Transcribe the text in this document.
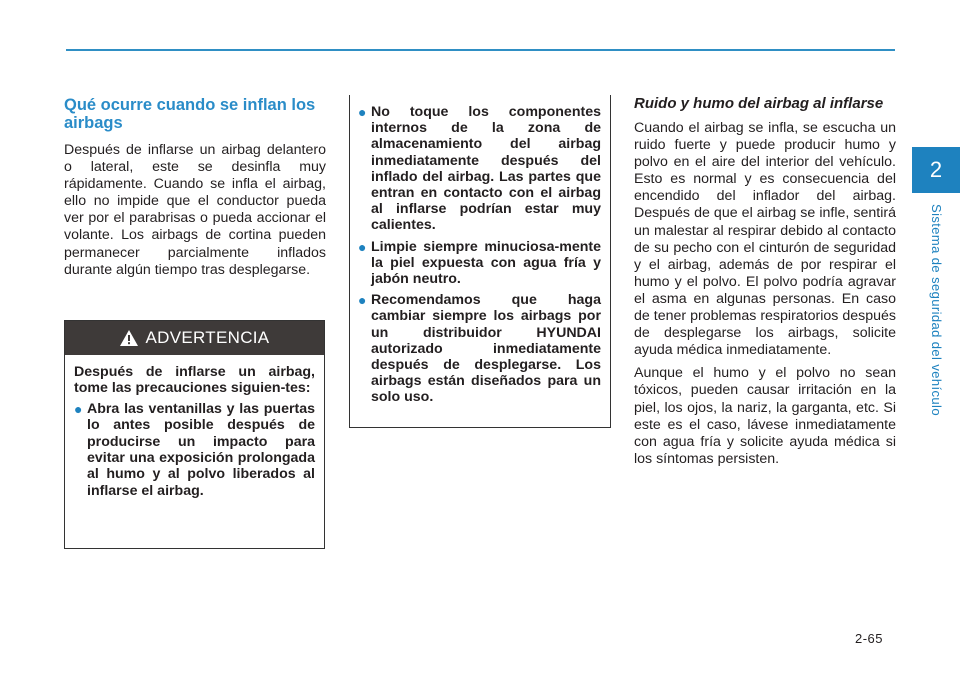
2
Sistema de seguridad del vehículo
Qué ocurre cuando se inflan los airbags

Después de inflarse un airbag delantero o lateral, este se desinfla muy rápidamente. Cuando se infla el airbag, ello no impide que el conductor pueda ver por el parabrisas o pueda accionar el volante. Los airbags de cortina pueden permanecer parcialmente inflados durante algún tiempo tras desplegarse.

ADVERTENCIA

Después de inflarse un airbag, tome las precauciones siguien-tes:

● Abra las ventanillas y las puertas lo antes posible después de producirse un impacto para evitar una exposición prolongada al humo y al polvo liberados al inflarse el airbag.
● No toque los componentes internos de la zona de almacenamiento del airbag inmediatamente después del inflado del airbag. Las partes que entran en contacto con el airbag al inflarse podrían estar muy calientes.
● Limpie siempre minuciosa-mente la piel expuesta con agua fría y jabón neutro.
● Recomendamos que haga cambiar siempre los airbags por un distribuidor HYUNDAI autorizado inmediatamente después de desplegarse. Los airbags están diseñados para un solo uso.
Ruido y humo del airbag al inflarse

Cuando el airbag se infla, se escucha un ruido fuerte y puede producir humo y polvo en el aire del interior del vehículo. Esto es normal y es consecuencia del encendido del inflador del airbag. Después de que el airbag se infle, sentirá un malestar al respirar debido al contacto de su pecho con el cinturón de seguridad y el airbag, además de por respirar el humo y el polvo. El polvo podría agravar el asma en algunas personas. En caso de tener problemas respiratorios después de desplegarse los airbags, solicite ayuda médica inmediatamente.

Aunque el humo y el polvo no sean tóxicos, pueden causar irritación en la piel, los ojos, la nariz, la garganta, etc. Si este es el caso, lávese inmediatamente con agua fría y solicite ayuda médica si los síntomas persisten.

2-65
